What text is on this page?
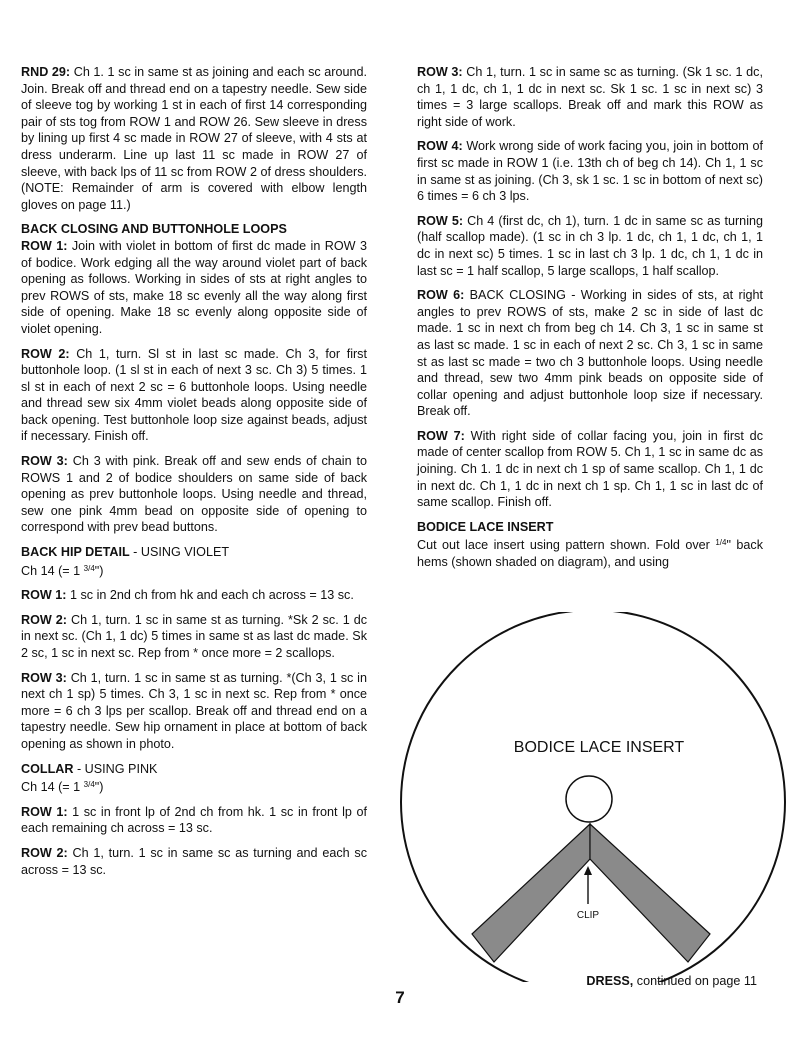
RND 29: Ch 1. 1 sc in same st as joining and each sc around. Join. Break off and thread end on a tapestry needle. Sew side of sleeve tog by working 1 st in each of first 14 corresponding pair of sts tog from ROW 1 and ROW 26. Sew sleeve in dress by lining up first 4 sc made in ROW 27 of sleeve, with 4 sts at dress underarm. Line up last 11 sc made in ROW 27 of sleeve, with back lps of 11 sc from ROW 2 of dress shoulders. (NOTE: Remainder of arm is covered with elbow length gloves on page 11.)

BACK CLOSING AND BUTTONHOLE LOOPS

ROW 1: Join with violet in bottom of first dc made in ROW 3 of bodice. Work edging all the way around violet part of back opening as follows. Working in sides of sts at right angles to prev ROWS of sts, make 18 sc evenly all the way along first side of opening. Make 18 sc evenly along opposite side of violet opening.

ROW 2: Ch 1, turn. Sl st in last sc made. Ch 3, for first buttonhole loop. (1 sl st in each of next 3 sc. Ch 3) 5 times. 1 sl st in each of next 2 sc = 6 buttonhole loops. Using needle and thread sew six 4mm violet beads along opposite side of back opening. Test buttonhole loop size against beads, adjust if necessary. Finish off.

ROW 3: Ch 3 with pink. Break off and sew ends of chain to ROWS 1 and 2 of bodice shoulders on same side of back opening as prev buttonhole loops. Using needle and thread, sew one pink 4mm bead on opposite side of opening to correspond with prev bead buttons.

BACK HIP DETAIL - USING VIOLET

Ch 14 (= 1 $^{3/4}$")

ROW 1: 1 sc in 2nd ch from hk and each ch across = 13 sc.

ROW 2: Ch 1, turn. 1 sc in same st as turning. *Sk 2 sc. 1 dc in next sc. (Ch 1, 1 dc) 5 times in same st as last dc made. Sk 2 sc, 1 sc in next sc. Rep from * once more = 2 scallops.

ROW 3: Ch 1, turn. 1 sc in same st as turning. *(Ch 3, 1 sc in next ch 1 sp) 5 times. Ch 3, 1 sc in next sc. Rep from * once more = 6 ch 3 lps per scallop. Break off and thread end on a tapestry needle. Sew hip ornament in place at bottom of back opening as shown in photo.

COLLAR - USING PINK

Ch 14 (= 1 $^{3/4}$")

ROW 1: 1 sc in front lp of 2nd ch from hk. 1 sc in front lp of each remaining ch across = 13 sc.

ROW 2: Ch 1, turn. 1 sc in same sc as turning and each sc across = 13 sc.

ROW 3: Ch 1, turn. 1 sc in same sc as turning. (Sk 1 sc. 1 dc, ch 1, 1 dc, ch 1, 1 dc in next sc. Sk 1 sc. 1 sc in next sc) 3 times = 3 large scallops. Break off and mark this ROW as right side of work.

ROW 4: Work wrong side of work facing you, join in bottom of first sc made in ROW 1 (i.e. 13th ch of beg ch 14). Ch 1, 1 sc in same st as joining. (Ch 3, sk 1 sc. 1 sc in bottom of next sc) 6 times = 6 ch 3 lps.

ROW 5: Ch 4 (first dc, ch 1), turn. 1 dc in same sc as turning (half scallop made). (1 sc in ch 3 lp. 1 dc, ch 1, 1 dc, ch 1, 1 dc in next sc) 5 times. 1 sc in last ch 3 lp. 1 dc, ch 1, 1 dc in last sc = 1 half scallop, 5 large scallops, 1 half scallop.

ROW 6: BACK CLOSING - Working in sides of sts, at right angles to prev ROWS of sts, make 2 sc in side of last dc made. 1 sc in next ch from beg ch 14. Ch 3, 1 sc in same st as last sc made. 1 sc in each of next 2 sc. Ch 3, 1 sc in same st as last sc made = two ch 3 buttonhole loops. Using needle and thread, sew two 4mm pink beads on opposite side of collar opening and adjust buttonhole loop size if necessary. Break off.

ROW 7: With right side of collar facing you, join in first dc made of center scallop from ROW 5. Ch 1, 1 sc in same dc as joining. Ch 1. 1 dc in next ch 1 sp of same scallop. Ch 1, 1 dc in next dc. Ch 1, 1 dc in next ch 1 sp. Ch 1, 1 sc in last dc of same scallop. Finish off.

BODICE LACE INSERT

Cut out lace insert using pattern shown. Fold over $^{1/4}$" back hems (shown shaded on diagram), and using

BODICE LACE INSERT
CLIP
DRESS, continued on page 11
7
